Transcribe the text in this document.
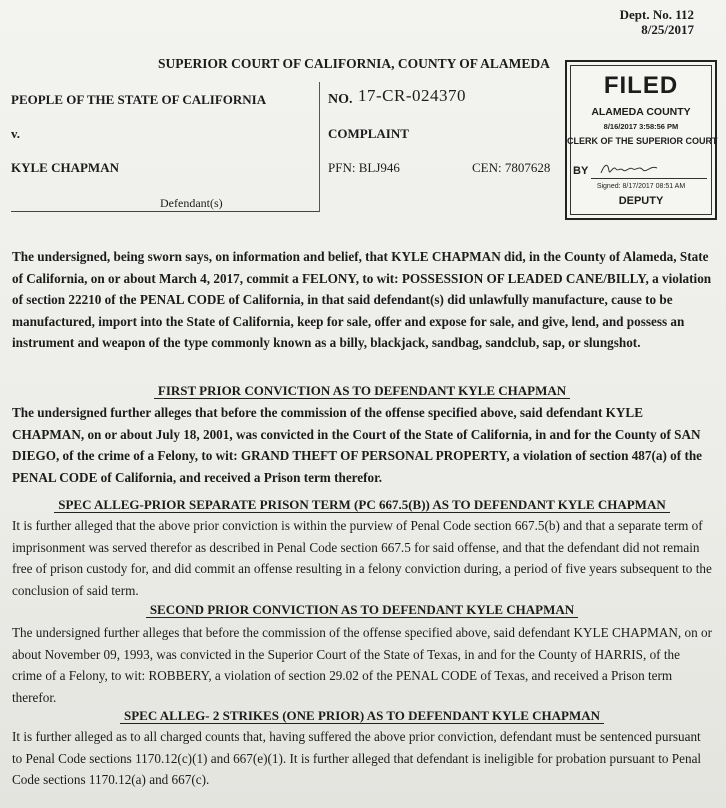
Dept. No. 112
8/25/2017
SUPERIOR COURT OF CALIFORNIA, COUNTY OF ALAMEDA
PEOPLE OF THE STATE OF CALIFORNIA
v.
KYLE CHAPMAN
Defendant(s)
NO. 17-CR-024370
COMPLAINT
PFN: BLJ946	CEN: 7807628
FILED
ALAMEDA COUNTY
8/16/2017 3:58:56 PM
CLERK OF THE SUPERIOR COURT
BY
Signed: 8/17/2017 08:51 AM
DEPUTY

The undersigned, being sworn says, on information and belief, that KYLE CHAPMAN did, in the County of Alameda, State of California, on or about March 4, 2017, commit a FELONY, to wit: POSSESSION OF LEADED CANE/BILLY, a violation of section 22210 of the PENAL CODE of California, in that said defendant(s) did unlawfully manufacture, cause to be manufactured, import into the State of California, keep for sale, offer and expose for sale, and give, lend, and possess an instrument and weapon of the type commonly known as a billy, blackjack, sandbag, sandclub, sap, or slungshot.

FIRST PRIOR CONVICTION AS TO DEFENDANT KYLE CHAPMAN

The undersigned further alleges that before the commission of the offense specified above, said defendant KYLE CHAPMAN, on or about July 18, 2001, was convicted in the Court of the State of California, in and for the County of SAN DIEGO, of the crime of a Felony, to wit: GRAND THEFT OF PERSONAL PROPERTY, a violation of section 487(a) of the PENAL CODE of California, and received a Prison term therefor.

SPEC ALLEG-PRIOR SEPARATE PRISON TERM (PC 667.5(B)) AS TO DEFENDANT KYLE CHAPMAN

It is further alleged that the above prior conviction is within the purview of Penal Code section 667.5(b) and that a separate term of imprisonment was served therefor as described in Penal Code section 667.5 for said offense, and that the defendant did not remain free of prison custody for, and did commit an offense resulting in a felony conviction during, a period of five years subsequent to the conclusion of said term.

SECOND PRIOR CONVICTION AS TO DEFENDANT KYLE CHAPMAN

The undersigned further alleges that before the commission of the offense specified above, said defendant KYLE CHAPMAN, on or about November 09, 1993, was convicted in the Superior Court of the State of Texas, in and for the County of HARRIS, of the crime of a Felony, to wit: ROBBERY, a violation of section 29.02 of the PENAL CODE of Texas, and received a Prison term therefor.

SPEC ALLEG- 2 STRIKES (ONE PRIOR) AS TO DEFENDANT KYLE CHAPMAN

It is further alleged as to all charged counts that, having suffered the above prior conviction, defendant must be sentenced pursuant to Penal Code sections 1170.12(c)(1) and 667(e)(1). It is further alleged that defendant is ineligible for probation pursuant to Penal Code sections 1170.12(a) and 667(c).
